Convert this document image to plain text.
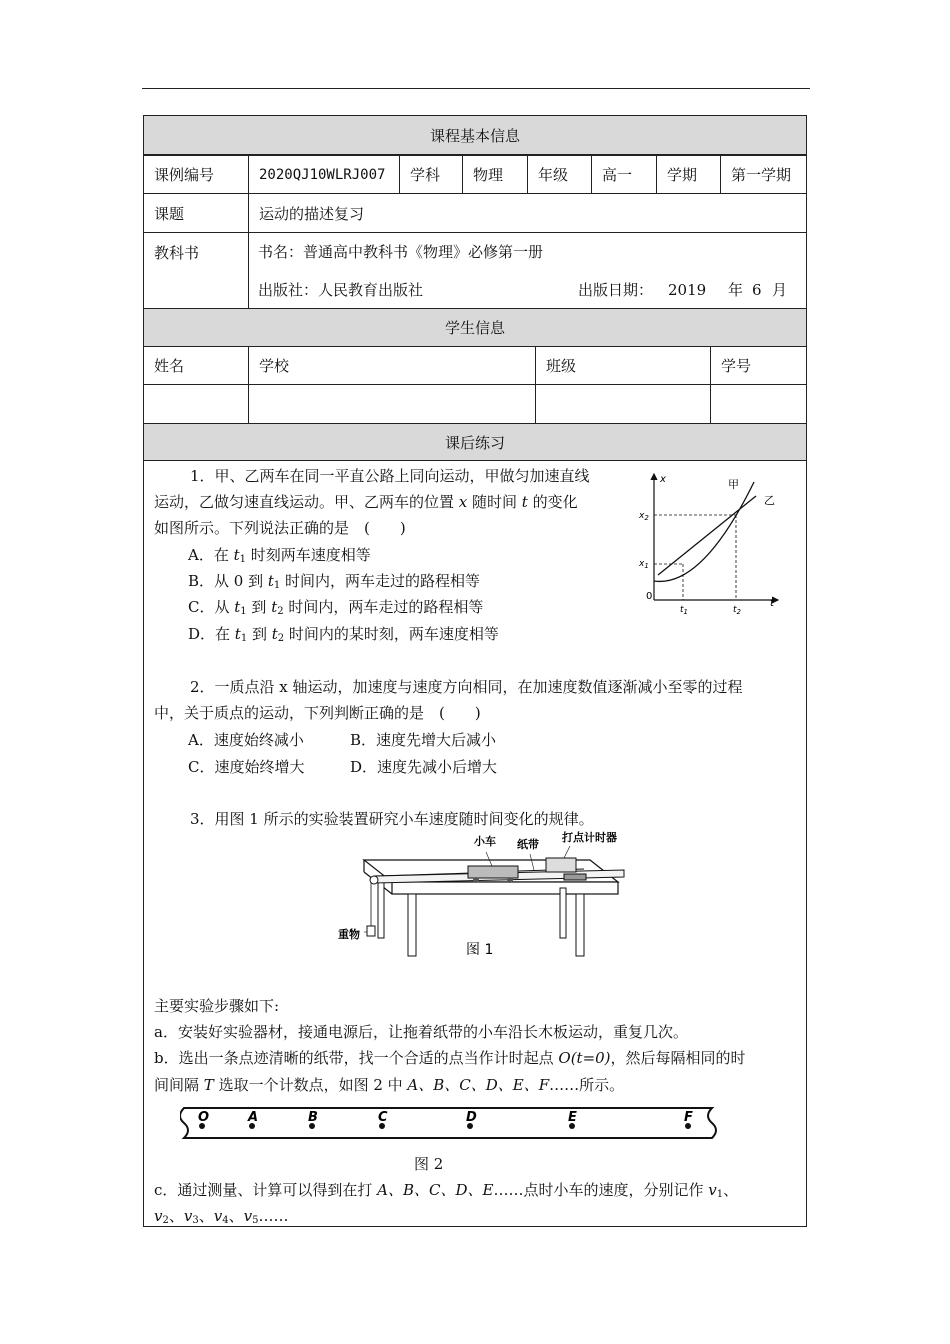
课程基本信息
课例编号	2020QJ10WLRJ007	学科	物理	年级	高一	学期	第一学期
课题	运动的描述复习
教科书	书名：普通高中教科书《物理》必修第一册
出版社：人民教育出版社	出版日期： 2019 年 6 月
学生信息
姓名	学校	班级	学号
课后练习
1．甲、乙两车在同一平直公路上同向运动，甲做匀加速直线
运动，乙做匀速直线运动。甲、乙两车的位置 x 随时间 t 的变化
如图所示。下列说法正确的是　(　　)
A．在 $t_1$ 时刻两车速度相等
B．从 0 到 $t_1$ 时间内，两车走过的路程相等
C．从 $t_1$ 到 $t_2$ 时间内，两车走过的路程相等
D．在 $t_1$ 到 $t_2$ 时间内的某时刻，两车速度相等
x
t
0
$x_2$
$x_1$
$t_1$	$t_2$
甲
乙
2．一质点沿 x 轴运动，加速度与速度方向相同，在加速度数值逐渐减小至零的过程
中，关于质点的运动，下列判断正确的是　(　　)
A．速度始终减小	B．速度先增大后减小
C．速度始终增大	D．速度先减小后增大
3．用图 1 所示的实验装置研究小车速度随时间变化的规律。
小车 纸带
打点计时器
重物
图 1
主要实验步骤如下:
a．安装好实验器材，接通电源后，让拖着纸带的小车沿长木板运动，重复几次。
b．选出一条点迹清晰的纸带，找一个合适的点当作计时起点 O(t=0)，然后每隔相同的时
间间隔 T 选取一个计数点，如图 2 中 A、B、C、D、E、F……所示。
O	A	B	C	D	E	F
图 2
c．通过测量、计算可以得到在打 A、B、C、D、E……点时小车的速度，分别记作 $v_1$、
$v_2$、$v_3$、$v_4$、$v_5\dots\dots$
